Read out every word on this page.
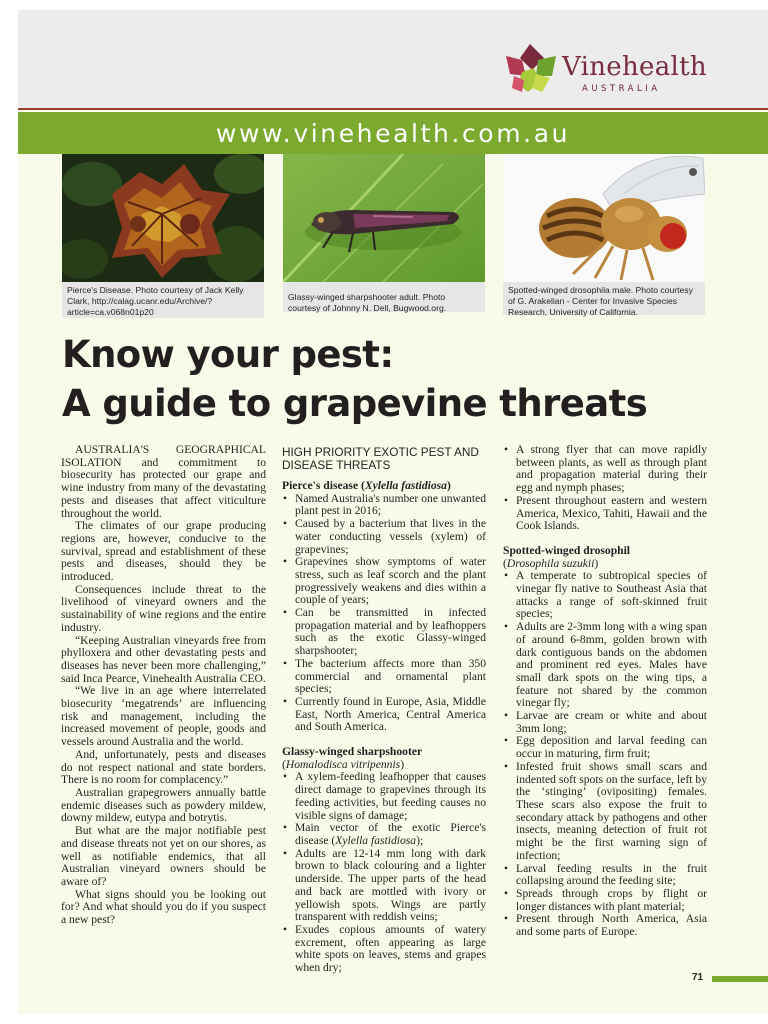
Vinehealth
AUSTRALIA
www.vinehealth.com.au
Pierce's Disease. Photo courtesy of Jack Kelly Clark, http://calag.ucanr.edu/Archive/?article=ca.v068n01p20
Glassy-winged sharpshooter adult. Photo courtesy of Johnny N. Dell, Bugwood.org.
Spotted-winged drosophila male. Photo courtesy of G. Arakelian - Center for Invasive Species Research, University of California.
Know your pest:
A guide to grapevine threats

AUSTRALIA'S GEOGRAPHICAL ISOLATION and commitment to biosecurity has protected our grape and wine industry from many of the devastating pests and diseases that affect viticulture throughout the world.

The climates of our grape producing regions are, however, conducive to the survival, spread and establishment of these pests and diseases, should they be introduced.

Consequences include threat to the livelihood of vineyard owners and the sustainability of wine regions and the entire industry.

“Keeping Australian vineyards free from phylloxera and other devastating pests and diseases has never been more challenging,” said Inca Pearce, Vinehealth Australia CEO.

“We live in an age where interrelated biosecurity ‘megatrends’ are influencing risk and management, including the increased movement of people, goods and vessels around Australia and the world.

And, unfortunately, pests and diseases do not respect national and state borders. There is no room for complacency.”

Australian grapegrowers annually battle endemic diseases such as powdery mildew, downy mildew, eutypa and botrytis.

But what are the major notifiable pest and disease threats not yet on our shores, as well as notifiable endemics, that all Australian vineyard owners should be aware of?

What signs should you be looking out for? And what should you do if you suspect a new pest?

HIGH PRIORITY EXOTIC PEST AND DISEASE THREATS
Pierce's disease (Xylella fastidiosa)
• Named Australia's number one unwanted plant pest in 2016;
• Caused by a bacterium that lives in the water conducting vessels (xylem) of grapevines;
• Grapevines show symptoms of water stress, such as leaf scorch and the plant progressively weakens and dies within a couple of years;
• Can be transmitted in infected propagation material and by leafhoppers such as the exotic Glassy-winged sharpshooter;
• The bacterium affects more than 350 commercial and ornamental plant species;
• Currently found in Europe, Asia, Middle East, North America, Central America and South America.
Glassy-winged sharpshooter
(Homalodisca vitripennis)
• A xylem-feeding leafhopper that causes direct damage to grapevines through its feeding activities, but feeding causes no visible signs of damage;
• Main vector of the exotic Pierce's disease (Xylella fastidiosa);
• Adults are 12-14 mm long with dark brown to black colouring and a lighter underside. The upper parts of the head and back are mottled with ivory or yellowish spots. Wings are partly transparent with reddish veins;
• Exudes copious amounts of watery excrement, often appearing as large white spots on leaves, stems and grapes when dry;
• A strong flyer that can move rapidly between plants, as well as through plant and propagation material during their egg and nymph phases;
• Present throughout eastern and western America, Mexico, Tahiti, Hawaii and the Cook Islands.
Spotted-winged drosophil
(Drosophila suzukii)
• A temperate to subtropical species of vinegar fly native to Southeast Asia that attacks a range of soft-skinned fruit species;
• Adults are 2-3mm long with a wing span of around 6-8mm, golden brown with dark contiguous bands on the abdomen and prominent red eyes. Males have small dark spots on the wing tips, a feature not shared by the common vinegar fly;
• Larvae are cream or white and about 3mm long;
• Egg deposition and larval feeding can occur in maturing, firm fruit;
• Infested fruit shows small scars and indented soft spots on the surface, left by the ‘stinging’ (ovipositing) females. These scars also expose the fruit to secondary attack by pathogens and other insects, meaning detection of fruit rot might be the first warning sign of infection;
• Larval feeding results in the fruit collapsing around the feeding site;
• Spreads through crops by flight or longer distances with plant material;
• Present through North America, Asia and some parts of Europe.
71
